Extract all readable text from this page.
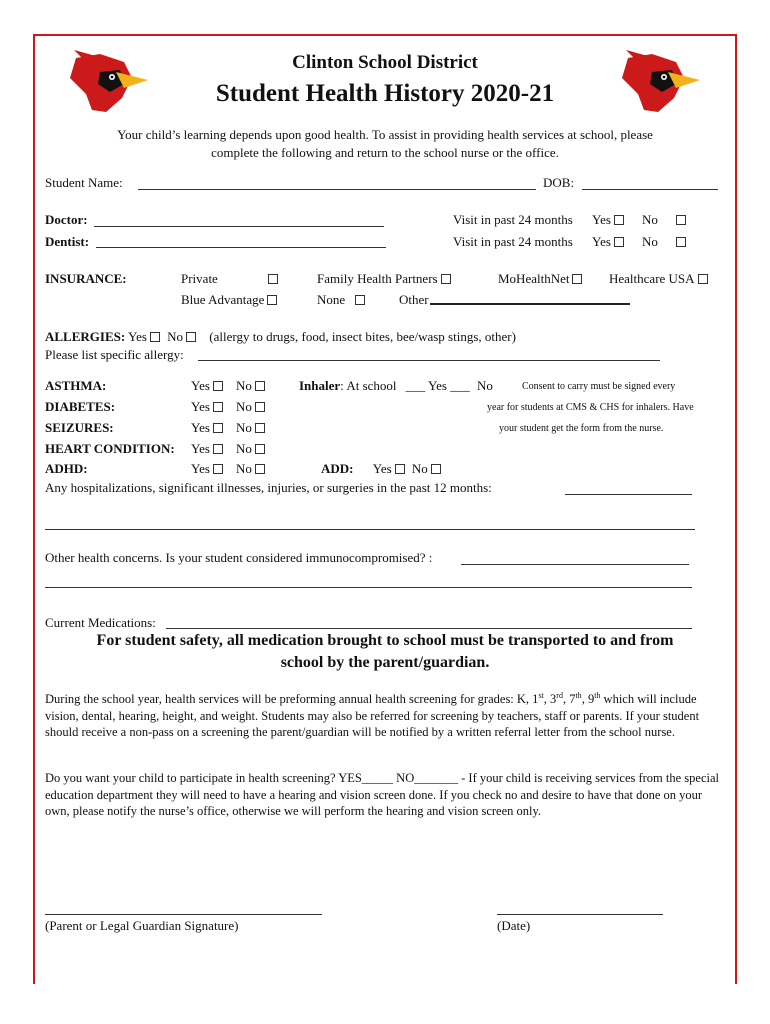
Clinton School District
Student Health History 2020-21
Your child’s learning depends upon good health. To assist in providing health services at school, please
complete the following and return to the school nurse or the office.
Student Name:	DOB:
Doctor:	Visit in past 24 months Yes	No
Dentist:	Visit in past 24 months Yes	No
INSURANCE:	Private	Family Health Partners	MoHealthNet	Healthcare USA
Blue Advantage	None	Other
ALLERGIES: Yes No (allergy to drugs, food, insect bites, bee/wasp stings, other)
Please list specific allergy:
ASTHMA:	Yes	No	Inhaler: At school ___ Yes ___ No	Consent to carry must be signed every
DIABETES:	Yes	No	year for students at CMS & CHS for inhalers. Have
SEIZURES:	Yes	No	your student get the form from the nurse.
HEART CONDITION: Yes	No
ADHD:	Yes	No	ADD: Yes No
Any hospitalizations, significant illnesses, injuries, or surgeries in the past 12 months:
Other health concerns. Is your student considered immunocompromised? :
Current Medications:
For student safety, all medication brought to school must be transported to and from
school by the parent/guardian.
During the school year, health services will be preforming annual health screening for grades: K, 1st, 3rd, 7th, 9th which will include vision, dental, hearing, height, and weight. Students may also be referred for screening by teachers, staff or parents. If your student should receive a non-pass on a screening the parent/guardian will be notified by a written referral letter from the school nurse.
Do you want your child to participate in health screening? YES_____ NO_______ - If your child is receiving services from the special education department they will need to have a hearing and vision screen done. If you check no and desire to have that done on your own, please notify the nurse’s office, otherwise we will perform the hearing and vision screen only.
(Parent or Legal Guardian Signature)	(Date)
